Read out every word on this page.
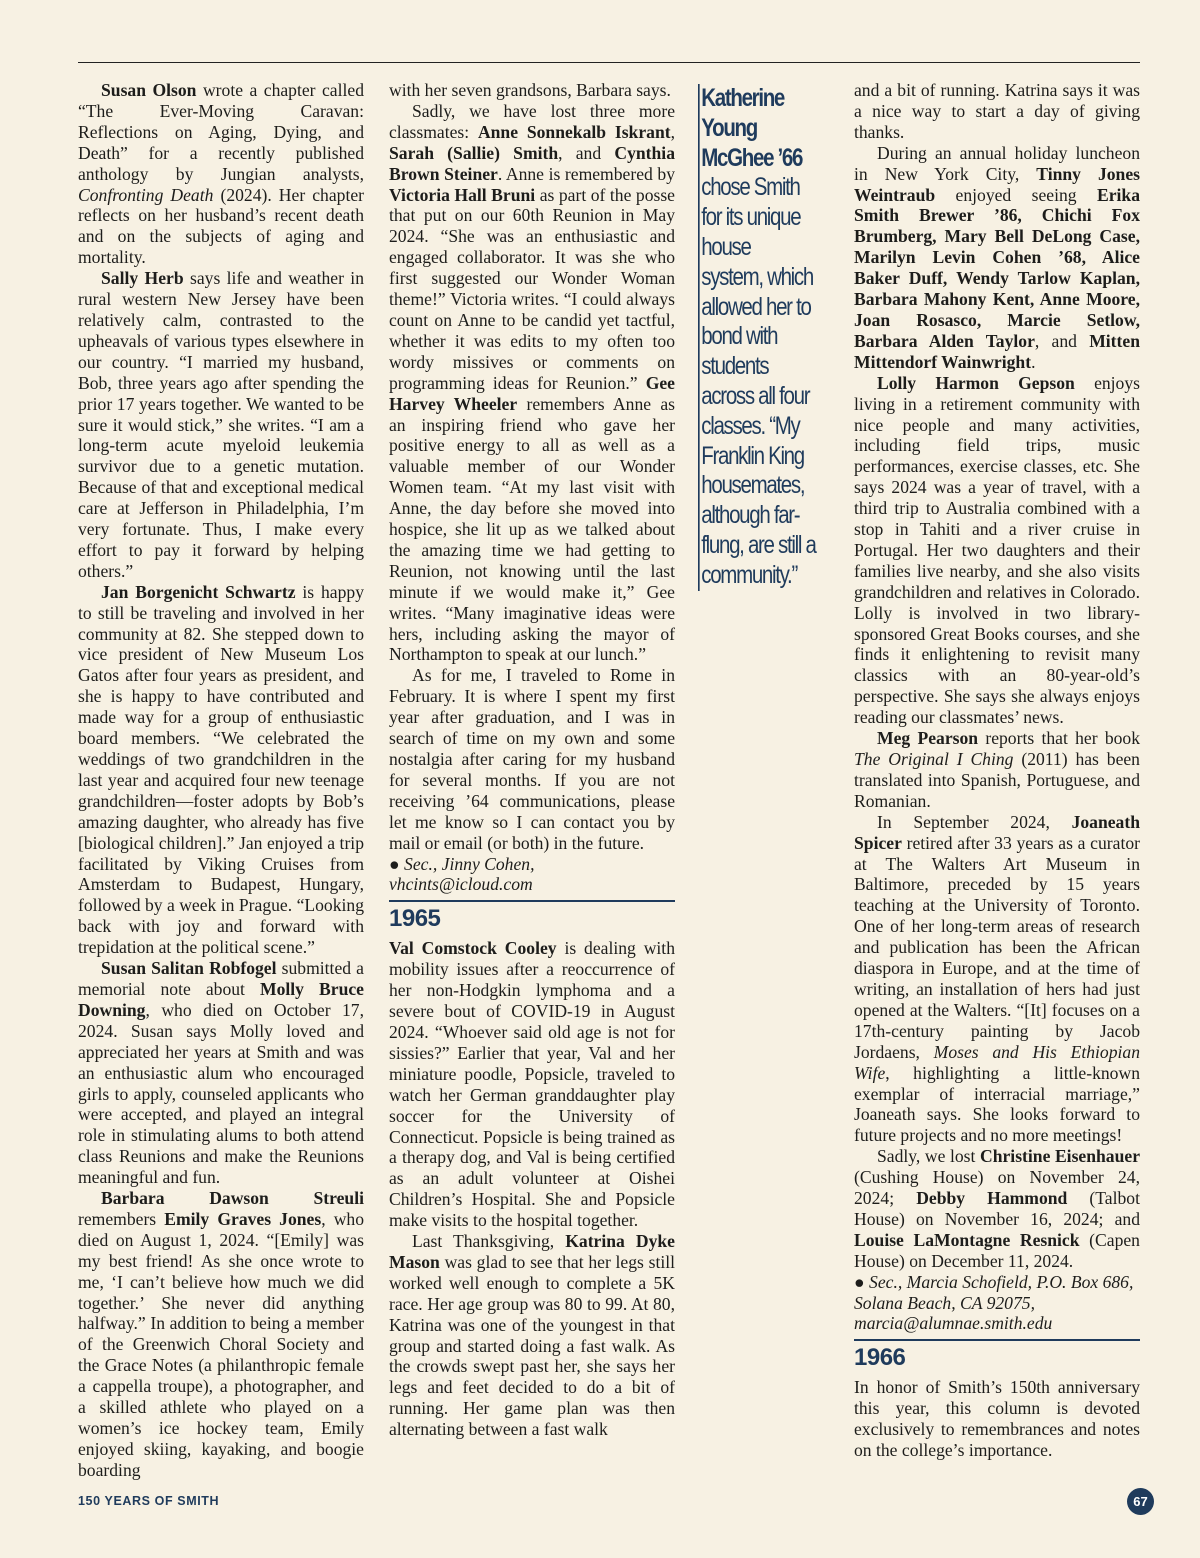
Susan Olson wrote a chapter called “The Ever-Moving Caravan: Reflections on Aging, Dying, and Death” for a recently published anthology by Jungian analysts, Confronting Death (2024). Her chapter reflects on her husband’s recent death and on the subjects of aging and mortality.

Sally Herb says life and weather in rural western New Jersey have been relatively calm, contrasted to the upheavals of various types elsewhere in our country. “I married my husband, Bob, three years ago after spending the prior 17 years together. We wanted to be sure it would stick,” she writes. “I am a long-term acute myeloid leukemia survivor due to a genetic mutation. Because of that and exceptional medical care at Jefferson in Philadelphia, I’m very fortunate. Thus, I make every effort to pay it forward by helping others.”

Jan Borgenicht Schwartz is happy to still be traveling and involved in her community at 82. She stepped down to vice president of New Museum Los Gatos after four years as president, and she is happy to have contributed and made way for a group of enthusiastic board members. “We celebrated the weddings of two grandchildren in the last year and acquired four new teenage grandchildren—foster adopts by Bob’s amazing daughter, who already has five [biological children].” Jan enjoyed a trip facilitated by Viking Cruises from Amsterdam to Budapest, Hungary, followed by a week in Prague. “Looking back with joy and forward with trepidation at the political scene.”

Susan Salitan Robfogel submitted a memorial note about Molly Bruce Downing, who died on October 17, 2024. Susan says Molly loved and appreciated her years at Smith and was an enthusiastic alum who encouraged girls to apply, counseled applicants who were accepted, and played an integral role in stimulating alums to both attend class Reunions and make the Reunions meaningful and fun.

Barbara Dawson Streuli remembers Emily Graves Jones, who died on August 1, 2024. “[Emily] was my best friend! As she once wrote to me, ‘I can’t believe how much we did together.’ She never did anything halfway.” In addition to being a member of the Greenwich Choral Society and the Grace Notes (a philanthropic female a cappella troupe), a photographer, and a skilled athlete who played on a women’s ice hockey team, Emily enjoyed skiing, kayaking, and boogie boarding

with her seven grandsons, Barbara says.

Sadly, we have lost three more classmates: Anne Sonnekalb Iskrant, Sarah (Sallie) Smith, and Cynthia Brown Steiner. Anne is remembered by Victoria Hall Bruni as part of the posse that put on our 60th Reunion in May 2024. “She was an enthusiastic and engaged collaborator. It was she who first suggested our Wonder Woman theme!” Victoria writes. “I could always count on Anne to be candid yet tactful, whether it was edits to my often too wordy missives or comments on programming ideas for Reunion.” Gee Harvey Wheeler remembers Anne as an inspiring friend who gave her positive energy to all as well as a valuable member of our Wonder Women team. “At my last visit with Anne, the day before she moved into hospice, she lit up as we talked about the amazing time we had getting to Reunion, not knowing until the last minute if we would make it,” Gee writes. “Many imaginative ideas were hers, including asking the mayor of Northampton to speak at our lunch.”

As for me, I traveled to Rome in February. It is where I spent my first year after graduation, and I was in search of time on my own and some nostalgia after caring for my husband for several months. If you are not receiving ’64 communications, please let me know so I can contact you by mail or email (or both) in the future.

● Sec., Jinny Cohen,
vhcints@icloud.com

1965

Val Comstock Cooley is dealing with mobility issues after a reoccurrence of her non-Hodgkin lymphoma and a severe bout of COVID-19 in August 2024. “Whoever said old age is not for sissies?” Earlier that year, Val and her miniature poodle, Popsicle, traveled to watch her German granddaughter play soccer for the University of Connecticut. Popsicle is being trained as a therapy dog, and Val is being certified as an adult volunteer at Oishei Children’s Hospital. She and Popsicle make visits to the hospital together.

Last Thanksgiving, Katrina Dyke Mason was glad to see that her legs still worked well enough to complete a 5K race. Her age group was 80 to 99. At 80, Katrina was one of the youngest in that group and started doing a fast walk. As the crowds swept past her, she says her legs and feet decided to do a bit of running. Her game plan was then alternating between a fast walk

Katherine Young McGhee ’66 chose Smith for its unique house system, which allowed her to bond with students across all four classes. “My Franklin King housemates, although far-flung, are still a community.”

and a bit of running. Katrina says it was a nice way to start a day of giving thanks.

During an annual holiday luncheon in New York City, Tinny Jones Weintraub enjoyed seeing Erika Smith Brewer ’86, Chichi Fox Brumberg, Mary Bell DeLong Case, Marilyn Levin Cohen ’68, Alice Baker Duff, Wendy Tarlow Kaplan, Barbara Mahony Kent, Anne Moore, Joan Rosasco, Marcie Setlow, Barbara Alden Taylor, and Mitten Mittendorf Wainwright.

Lolly Harmon Gepson enjoys living in a retirement community with nice people and many activities, including field trips, music performances, exercise classes, etc. She says 2024 was a year of travel, with a third trip to Australia combined with a stop in Tahiti and a river cruise in Portugal. Her two daughters and their families live nearby, and she also visits grandchildren and relatives in Colorado. Lolly is involved in two library-sponsored Great Books courses, and she finds it enlightening to revisit many classics with an 80-year-old’s perspective. She says she always enjoys reading our classmates’ news.

Meg Pearson reports that her book The Original I Ching (2011) has been translated into Spanish, Portuguese, and Romanian.

In September 2024, Joaneath Spicer retired after 33 years as a curator at The Walters Art Museum in Baltimore, preceded by 15 years teaching at the University of Toronto. One of her long-term areas of research and publication has been the African diaspora in Europe, and at the time of writing, an installation of hers had just opened at the Walters. “[It] focuses on a 17th-century painting by Jacob Jordaens, Moses and His Ethiopian Wife, highlighting a little-known exemplar of interracial marriage,” Joaneath says. She looks forward to future projects and no more meetings!

Sadly, we lost Christine Eisenhauer (Cushing House) on November 24, 2024; Debby Hammond (Talbot House) on November 16, 2024; and Louise LaMontagne Resnick (Capen House) on December 11, 2024.

● Sec., Marcia Schofield, P.O. Box 686,
Solana Beach, CA 92075,
marcia@alumnae.smith.edu

1966

In honor of Smith’s 150th anniversary this year, this column is devoted exclusively to remembrances and notes on the college’s importance.

150 YEARS OF SMITH	67
